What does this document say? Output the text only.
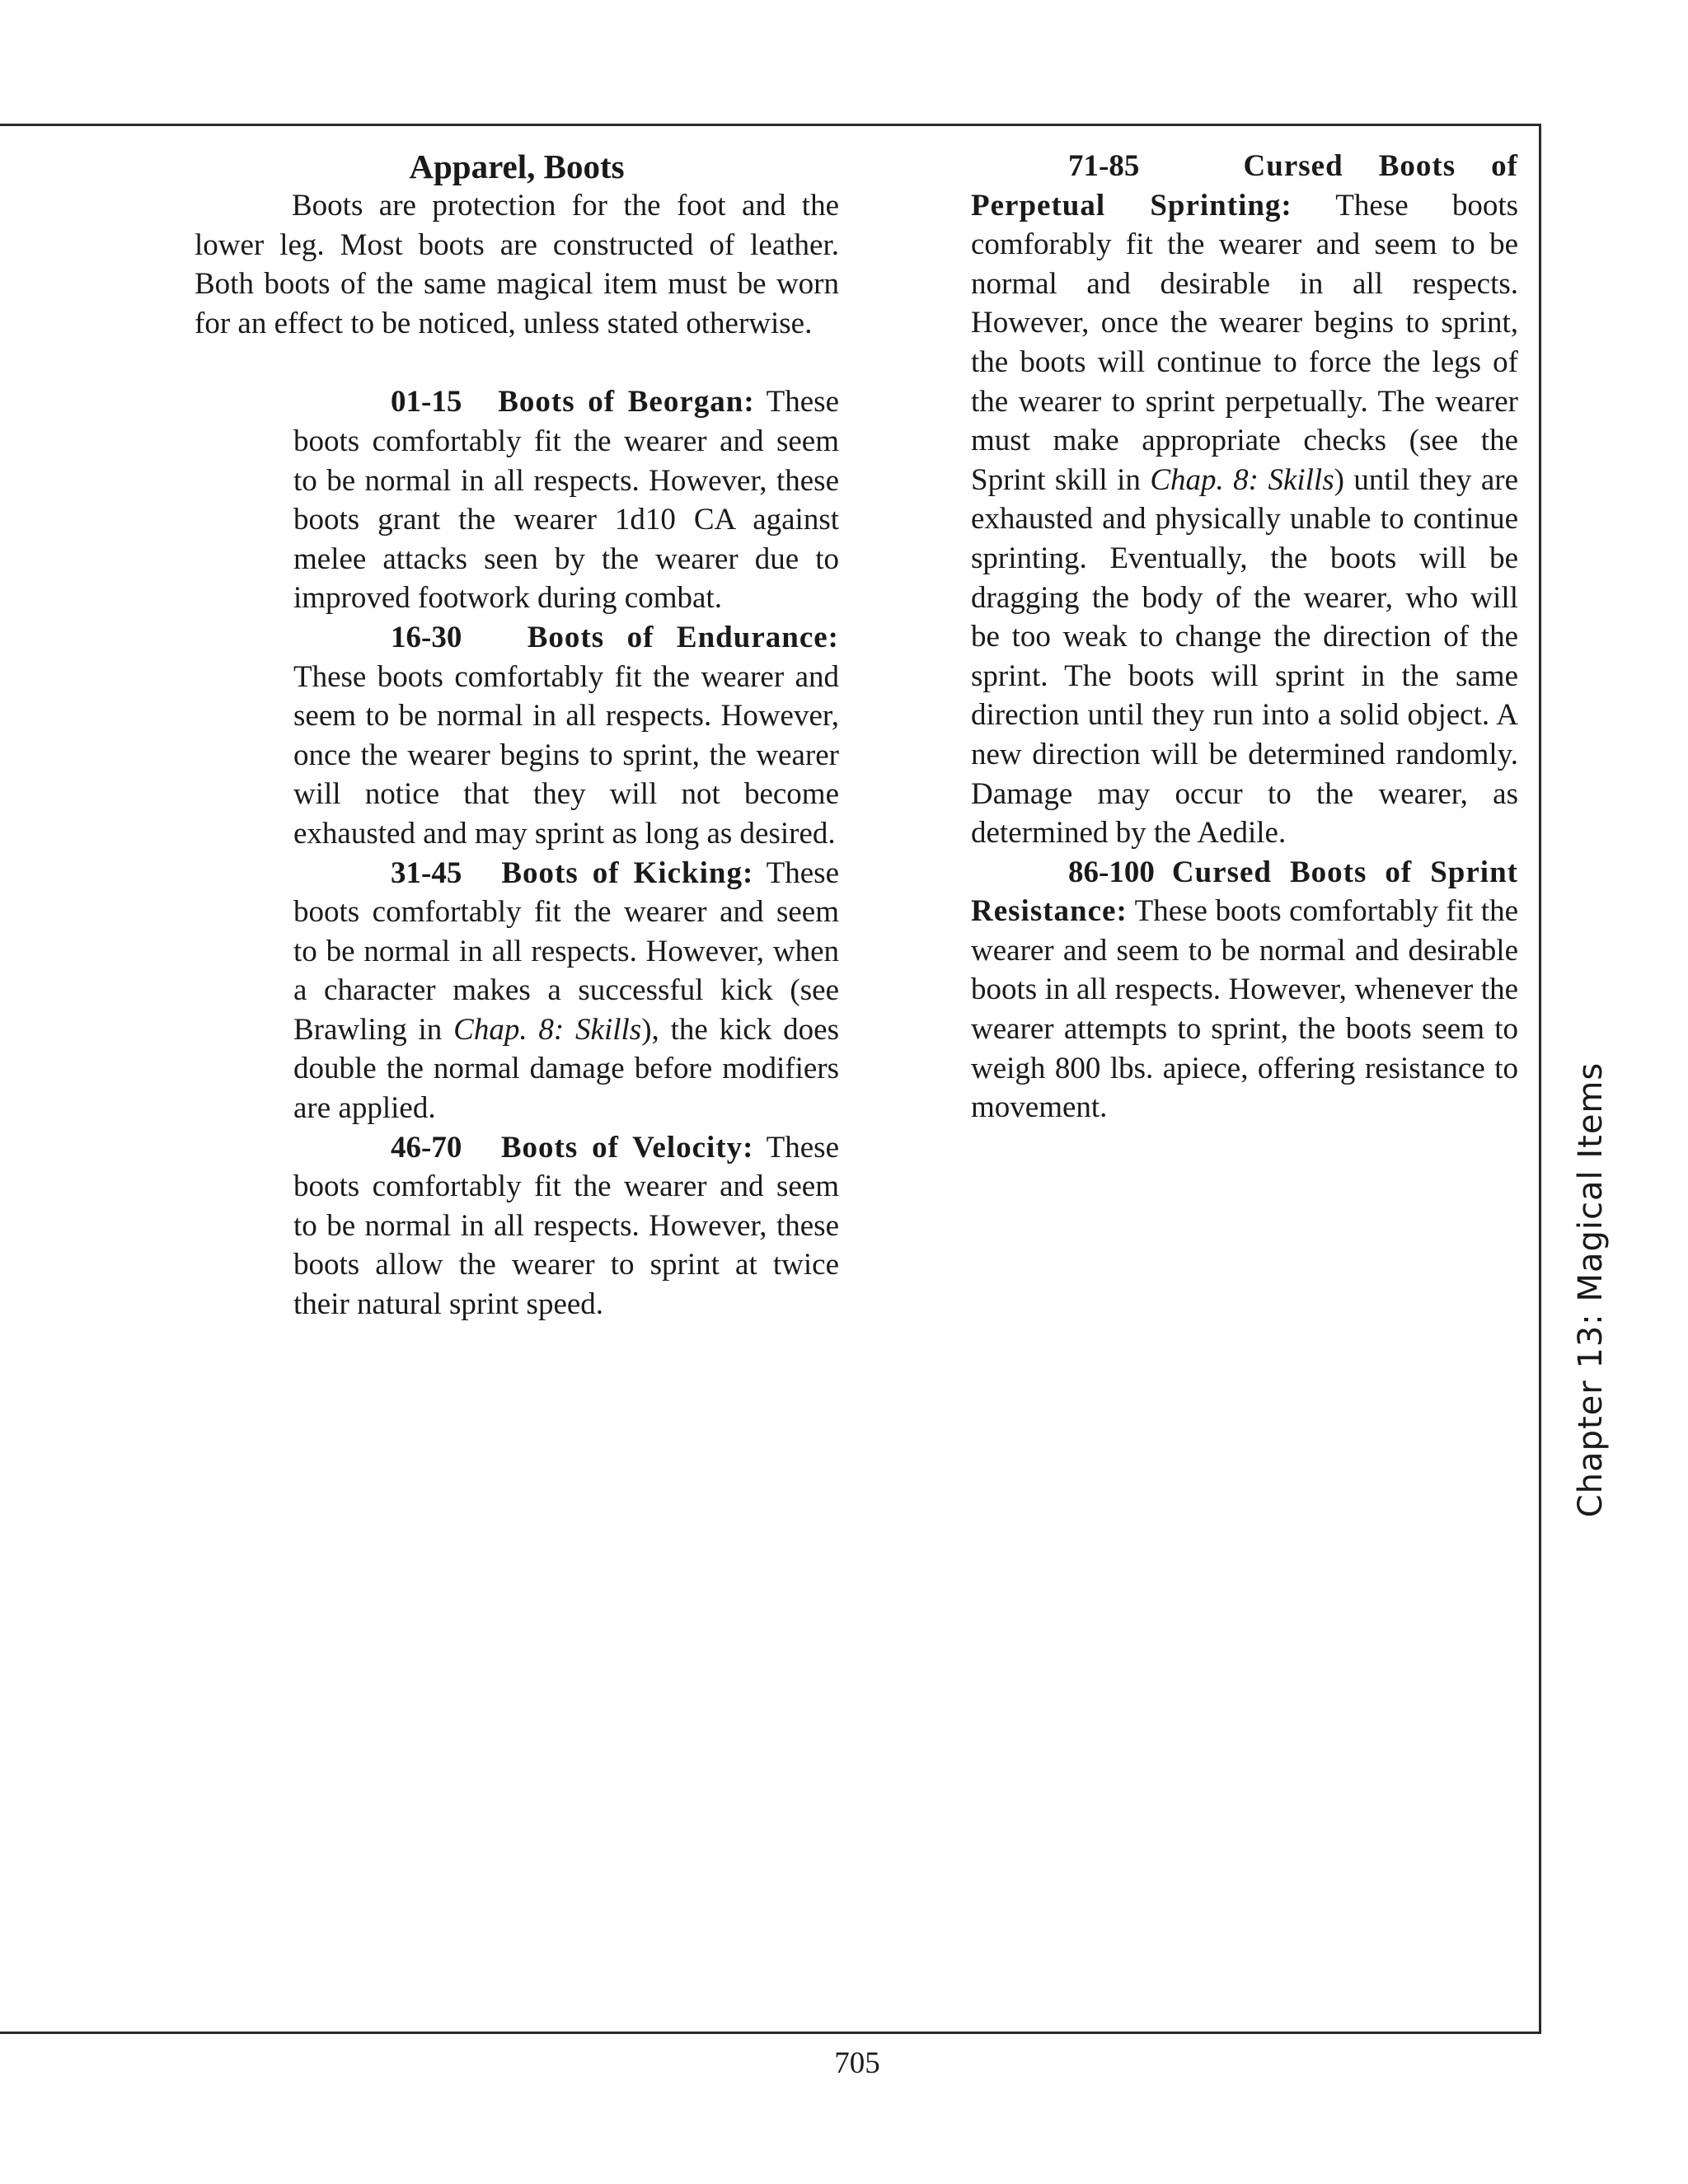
Apparel, Boots

Boots are protection for the foot and the lower leg. Most boots are constructed of leather. Both boots of the same magical item must be worn for an effect to be noticed, unless stated otherwise.

01-15 Boots of Beorgan: These boots comfortably fit the wearer and seem to be normal in all respects. However, these boots grant the wearer 1d10 CA against melee attacks seen by the wearer due to improved footwork during combat.

16-30 Boots of Endurance: These boots comfortably fit the wearer and seem to be normal in all respects. However, once the wearer begins to sprint, the wearer will notice that they will not become exhausted and may sprint as long as desired.

31-45 Boots of Kicking: These boots comfortably fit the wearer and seem to be normal in all respects. However, when a character makes a successful kick (see Brawling in Chap. 8: Skills), the kick does double the normal damage before modifiers are applied.

46-70 Boots of Velocity: These boots comfortably fit the wearer and seem to be normal in all respects. However, these boots allow the wearer to sprint at twice their natural sprint speed.

71-85	Cursed Boots of Perpetual Sprinting: These boots comforably fit the wearer and seem to be normal and desirable in all respects. However, once the wearer begins to sprint, the boots will continue to force the legs of the wearer to sprint perpetually. The wearer must make appropriate checks (see the Sprint skill in Chap. 8: Skills) until they are exhausted and physically unable to continue sprinting. Eventually, the boots will be dragging the body of the wearer, who will be too weak to change the direction of the sprint. The boots will sprint in the same direction until they run into a solid object. A new direction will be determined randomly. Damage may occur to the wearer, as determined by the Aedile.

86-100 Cursed Boots of Sprint Resistance: These boots comfortably fit the wearer and seem to be normal and desirable boots in all respects. However, whenever the wearer attempts to sprint, the boots seem to weigh 800 lbs. apiece, offering resistance to movement.	Chapter 13: Magical Items
705
